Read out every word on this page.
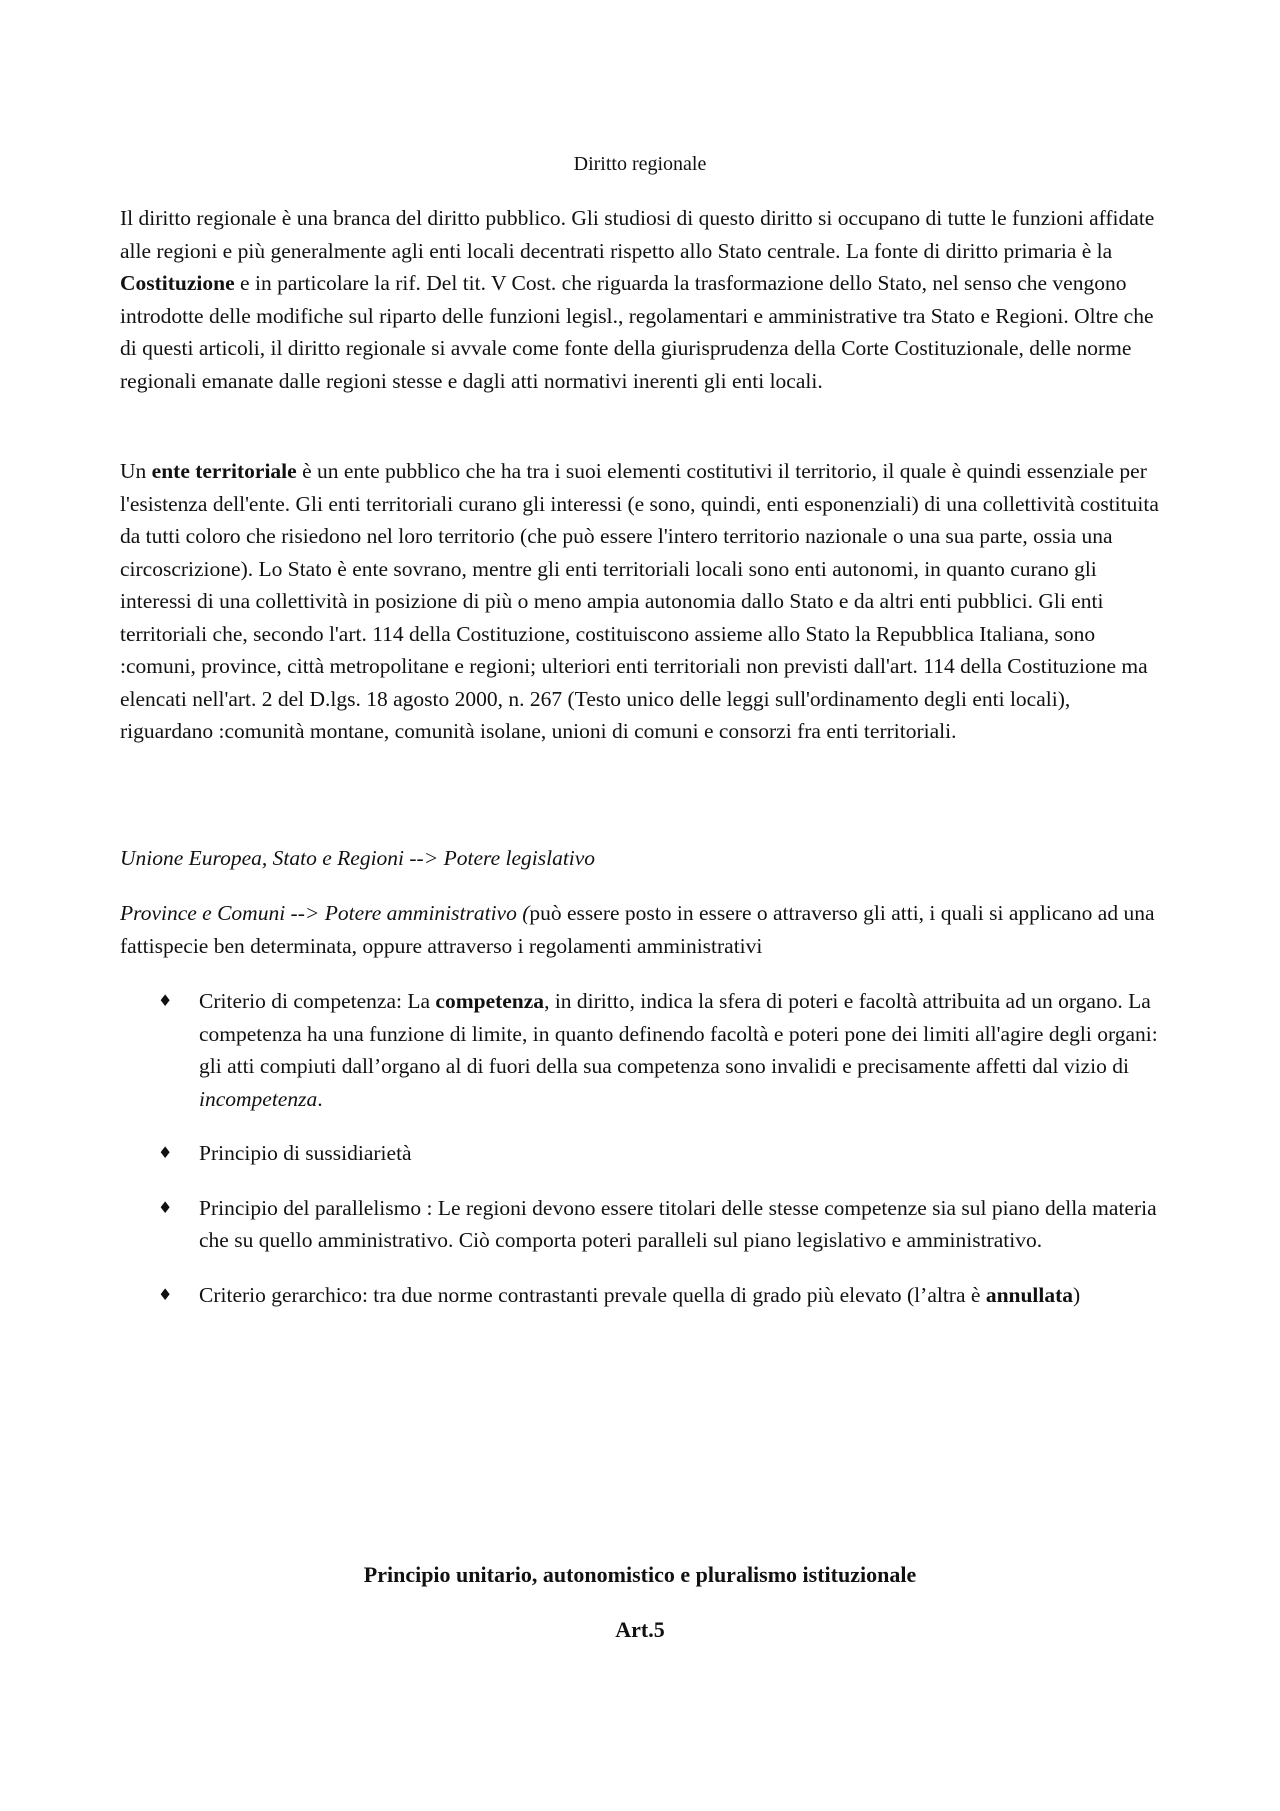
Diritto regionale

Il diritto regionale è una branca del diritto pubblico. Gli studiosi di questo diritto si occupano di tutte le funzioni affidate alle regioni e più generalmente agli enti locali decentrati rispetto allo Stato centrale. La fonte di diritto primaria è la Costituzione e in particolare la rif. Del tit. V Cost. che riguarda la trasformazione dello Stato, nel senso che vengono introdotte delle modifiche sul riparto delle funzioni legisl., regolamentari e amministrative tra Stato e Regioni. Oltre che di questi articoli, il diritto regionale si avvale come fonte della giurisprudenza della Corte Costituzionale, delle norme regionali emanate dalle regioni stesse e dagli atti normativi inerenti gli enti locali.

Un ente territoriale è un ente pubblico che ha tra i suoi elementi costitutivi il territorio, il quale è quindi essenziale per l'esistenza dell'ente. Gli enti territoriali curano gli interessi (e sono, quindi, enti esponenziali) di una collettività costituita da tutti coloro che risiedono nel loro territorio (che può essere l'intero territorio nazionale o una sua parte, ossia una circoscrizione). Lo Stato è ente sovrano, mentre gli enti territoriali locali sono enti autonomi, in quanto curano gli interessi di una collettività in posizione di più o meno ampia autonomia dallo Stato e da altri enti pubblici. Gli enti territoriali che, secondo l'art. 114 della Costituzione, costituiscono assieme allo Stato la Repubblica Italiana, sono :comuni, province, città metropolitane e regioni; ulteriori enti territoriali non previsti dall'art. 114 della Costituzione ma elencati nell'art. 2 del D.lgs. 18 agosto 2000, n. 267 (Testo unico delle leggi sull'ordinamento degli enti locali), riguardano :comunità montane, comunità isolane, unioni di comuni e consorzi fra enti territoriali.

Unione Europea, Stato e Regioni --> Potere legislativo

Province e Comuni --> Potere amministrativo (può essere posto in essere o attraverso gli atti, i quali si applicano ad una fattispecie ben determinata, oppure attraverso i regolamenti amministrativi

♦ Criterio di competenza: La competenza, in diritto, indica la sfera di poteri e facoltà attribuita ad un organo. La competenza ha una funzione di limite, in quanto definendo facoltà e poteri pone dei limiti all'agire degli organi: gli atti compiuti dall’organo al di fuori della sua competenza sono invalidi e precisamente affetti dal vizio di incompetenza.
♦ Principio di sussidiarietà
♦ Principio del parallelismo : Le regioni devono essere titolari delle stesse competenze sia sul piano della materia che su quello amministrativo. Ciò comporta poteri paralleli sul piano legislativo e amministrativo.
♦ Criterio gerarchico: tra due norme contrastanti prevale quella di grado più elevato (l’altra è annullata)
Principio unitario, autonomistico e pluralismo istituzionale
Art.5
